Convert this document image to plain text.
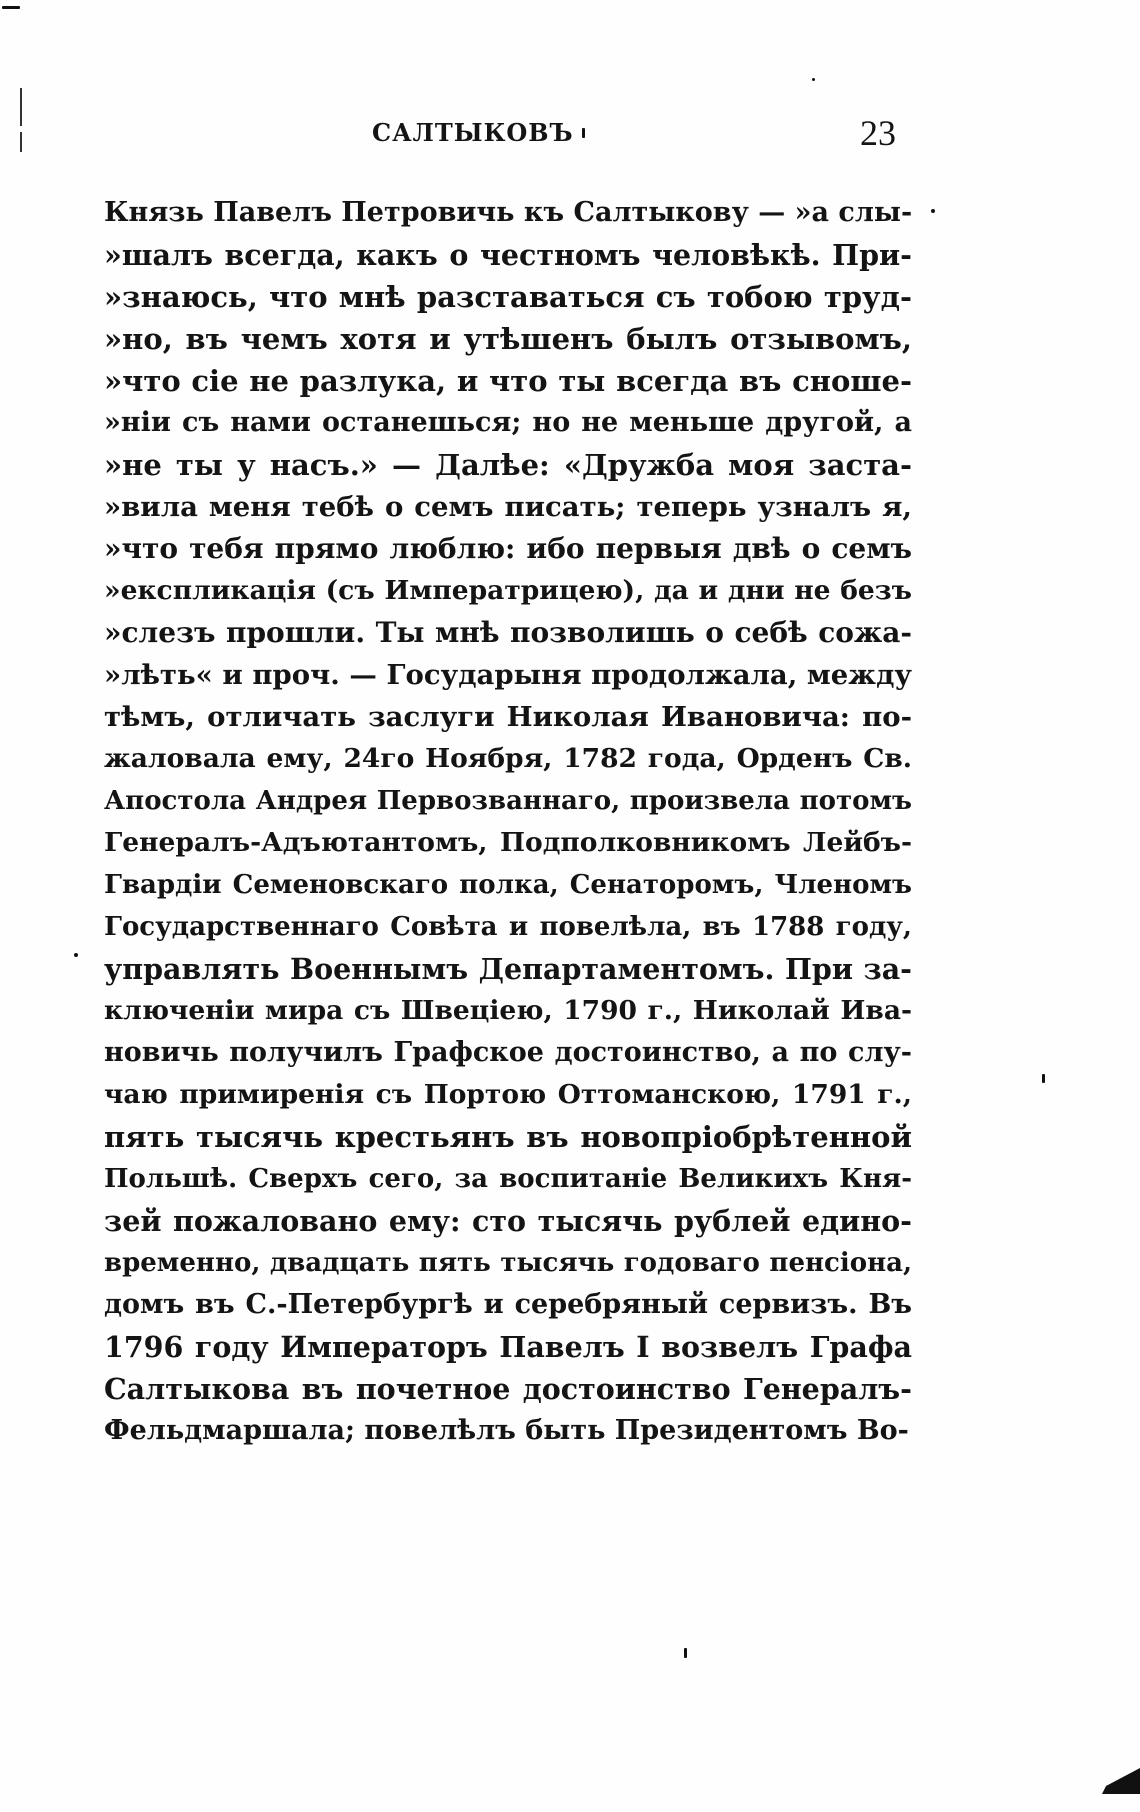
САЛТЫКОВЪ	23
Князь Павелъ Петровичь къ Салтыкову — »а слы-
»шалъ всегда, какъ о честномъ человѣкѣ. При-
»знаюсь, что мнѣ разставаться съ тобою труд-
»но, въ чемъ хотя и утѣшенъ былъ отзывомъ,
»что сіе не разлука, и что ты всегда въ сноше-
»ніи съ нами останешься; но не меньше другой, а
»не ты у насъ.» — Далѣе: «Дружба моя заста-
»вила меня тебѣ о семъ писать; теперь узналъ я,
»что тебя прямо люблю: ибо первыя двѣ о семъ
»експликація (съ Императрицею), да и дни не безъ
»слезъ прошли. Ты мнѣ позволишь о себѣ сожа-
»лѣть« и проч. — Государыня продолжала, между
тѣмъ, отличать заслуги Николая Ивановича: по-
жаловала ему, 24го Ноября, 1782 года, Орденъ Св.
Апостола Андрея Первозваннаго, произвела потомъ
Генералъ-Адъютантомъ, Подполковникомъ Лейбъ-
Гвардіи Семеновскаго полка, Сенаторомъ, Членомъ
Государственнаго Совѣта и повелѣла, въ 1788 году,
управлять Военнымъ Департаментомъ. При за-
ключеніи мира съ Швеціею, 1790 г., Николай Ива-
новичь получилъ Графское достоинство, а по слу-
чаю примиренія съ Портою Оттоманскою, 1791 г.,
пять тысячь крестьянъ въ новопріобрѣтенной
Польшѣ. Сверхъ сего, за воспитаніе Великихъ Кня-
зей пожаловано ему: сто тысячь рублей едино-
временно, двадцать пять тысячь годоваго пенсіона,
домъ въ С.-Петербургѣ и серебряный сервизъ. Въ
1796 году Императоръ Павелъ I возвелъ Графа
Салтыкова въ почетное достоинство Генералъ-
Фельдмаршала; повелѣлъ быть Президентомъ Во-
